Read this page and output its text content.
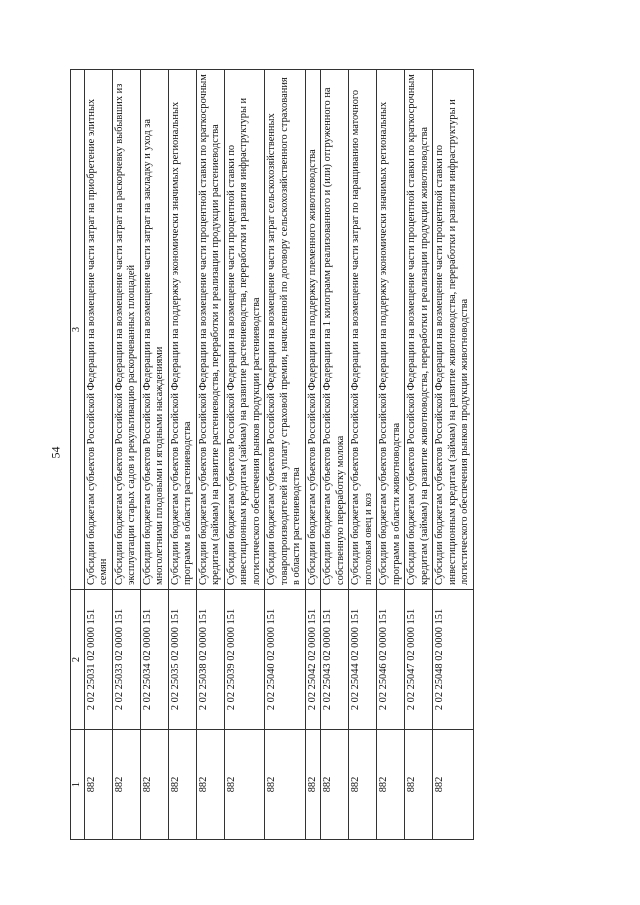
54
1	2	3
882	2 02 25031 02 0000 151	Субсидии бюджетам субъектов Российской Федерации на возмещение части затрат на приобретение элитных семян
882	2 02 25033 02 0000 151	Субсидии бюджетам субъектов Российской Федерации на возмещение части затрат на раскорчевку выбывших из эксплуатации старых садов и рекультивацию раскорчеванных площадей
882	2 02 25034 02 0000 151	Субсидии бюджетам субъектов Российской Федерации на возмещение части затрат на закладку и уход за многолетними плодовыми и ягодными насаждениями
882	2 02 25035 02 0000 151	Субсидии бюджетам субъектов Российской Федерации на поддержку экономически значимых региональных программ в области растениеводства
882	2 02 25038 02 0000 151	Субсидии бюджетам субъектов Российской Федерации на возмещение части процентной ставки по краткосрочным кредитам (займам) на развитие растениеводства, переработки и реализации продукции растениеводства
882	2 02 25039 02 0000 151	Субсидии бюджетам субъектов Российской Федерации на возмещение части процентной ставки по инвестиционным кредитам (займам) на развитие растениеводства, переработки и развития инфраструктуры и логистического обеспечения рынков продукции растениеводства
882	2 02 25040 02 0000 151	Субсидии бюджетам субъектов Российской Федерации на возмещение части затрат сельскохозяйственных товаропроизводителей на уплату страховой премии, начисленной по договору сельскохозяйственного страхования в области растениеводства
882	2 02 25042 02 0000 151	Субсидии бюджетам субъектов Российской Федерации на поддержку племенного животноводства
882	2 02 25043 02 0000 151	Субсидии бюджетам субъектов Российской Федерации на 1 килограмм реализованного и (или) отгруженного на собственную переработку молока
882	2 02 25044 02 0000 151	Субсидии бюджетам субъектов Российской Федерации на возмещение части затрат по наращиванию маточного поголовья овец и коз
882	2 02 25046 02 0000 151	Субсидии бюджетам субъектов Российской Федерации на поддержку экономически значимых региональных программ в области животноводства
882	2 02 25047 02 0000 151	Субсидии бюджетам субъектов Российской Федерации на возмещение части процентной ставки по краткосрочным кредитам (займам) на развитие животноводства, переработки и реализации продукции животноводства
882	2 02 25048 02 0000 151	Субсидии бюджетам субъектов Российской Федерации на возмещение части процентной ставки по инвестиционным кредитам (займам) на развитие животноводства, переработки и развития инфраструктуры и логистического обеспечения рынков продукции животноводства
